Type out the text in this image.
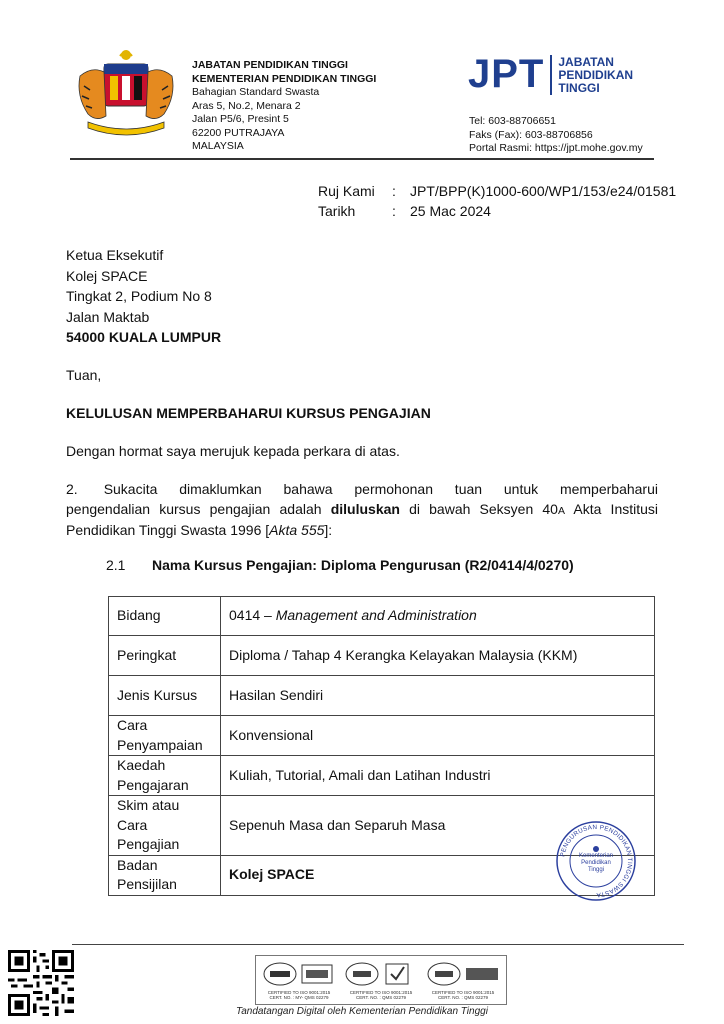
JABATAN PENDIDIKAN TINGGI
KEMENTERIAN PENDIDIKAN TINGGI
Bahagian Standard Swasta
Aras 5, No.2, Menara 2
Jalan P5/6, Presint 5
62200 PUTRAJAYA
MALAYSIA
JPT JABATAN
PENDIDIKAN
TINGGI
Tel: 603-88706651
Faks (Fax): 603-88706856
Portal Rasmi: https://jpt.mohe.gov.my
Ruj Kami	:	JPT/BPP(K)1000-600/WP1/153/e24/01581
Tarikh	:	25 Mac 2024
Ketua Eksekutif
Kolej SPACE
Tingkat 2, Podium No 8
Jalan Maktab
54000 KUALA LUMPUR
Tuan,
KELULUSAN MEMPERBAHARUI KURSUS PENGAJIAN
Dengan hormat saya merujuk kepada perkara di atas.
2. Sukacita dimaklumkan bahawa permohonan tuan untuk memperbaharui
pengendalian kursus pengajian adalah diluluskan di bawah Seksyen 40A Akta Institusi Pendidikan Tinggi Swasta 1996 [Akta 555]:
2.1 Nama Kursus Pengajian: Diploma Pengurusan (R2/0414/4/0270)
Bidang	0414 – Management and Administration
Peringkat	Diploma / Tahap 4 Kerangka Kelayakan Malaysia (KKM)
Jenis Kursus	Hasilan Sendiri

Cara
Penyampaian	Konvensional

Kaedah
Pengajaran	Kuliah, Tutorial, Amali dan Latihan Industri

Skim atau
Cara
Pengajian	Sepenuh Masa dan Separuh Masa

Badan
Pensijilan	Kolej SPACE
PENGURUSAN PENDIDIKAN TINGGI SWASTA
Kementerian
Pendidikan
Tinggi
CERTIFIED TO ISO 9001:2015
CERT. NO. : MY- QMS 02279
CERTIFIED TO ISO 9001:2015
CERT. NO. : QMS 02279
CERTIFIED TO ISO 9001:2015
CERT. NO. : QMS 02279
Tandatangan Digital oleh Kementerian Pendidikan Tinggi
